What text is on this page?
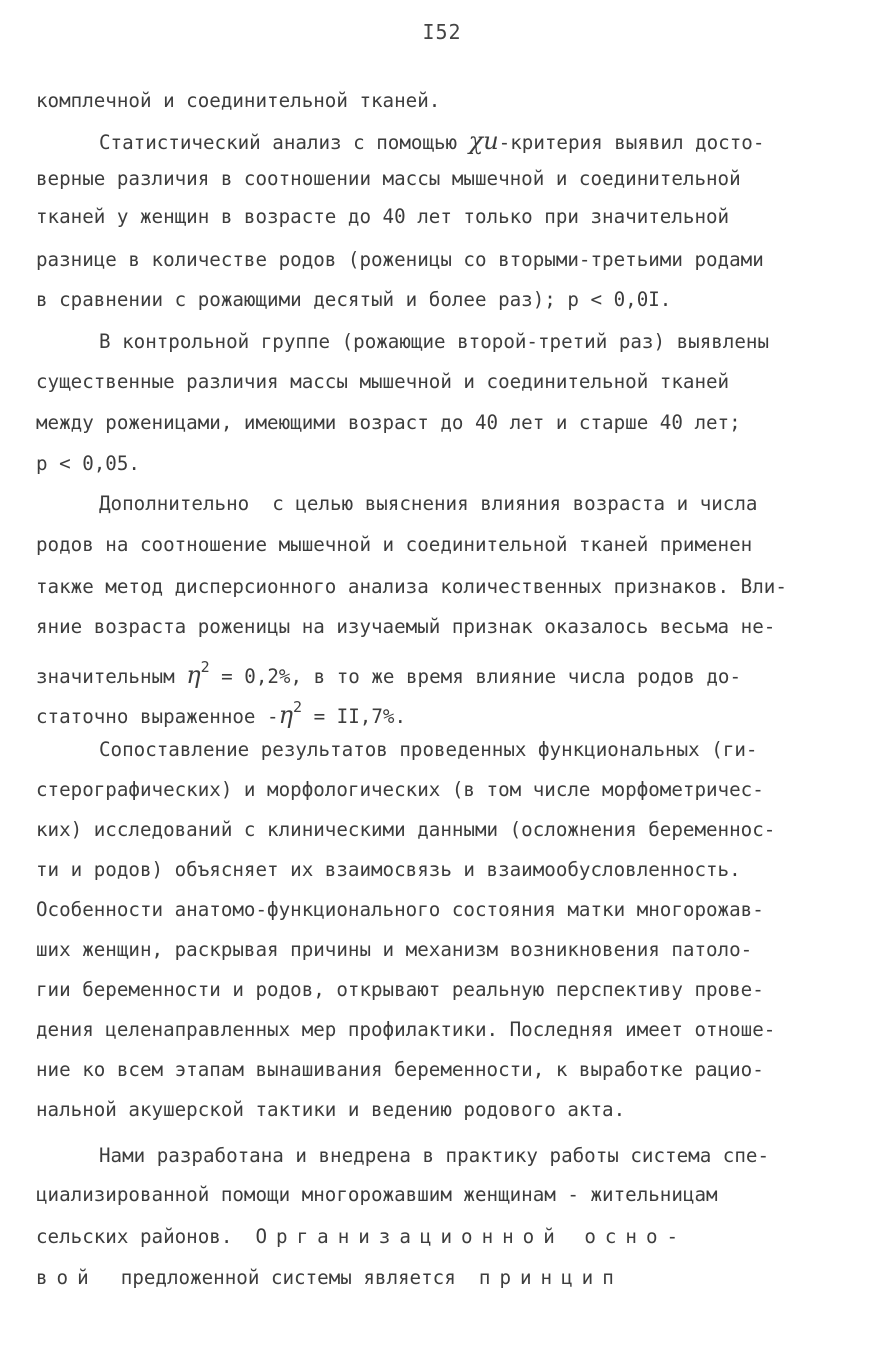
I52
комплечной и соединительной тканей.
Статистический анализ с помощью χи-критерия выявил досто-
верные различия в соотношении массы мышечной и соединительной
тканей у женщин в возрасте до 40 лет только при значительной
разнице в количестве родов (роженицы со вторыми-третьими родами
в сравнении с рожающими десятый и более раз); р < 0,0I.
В контрольной группе (рожающие второй-третий раз) выявлены
существенные различия массы мышечной и соединительной тканей
между роженицами, имеющими возраст до 40 лет и старше 40 лет;
р < 0,05.
Дополнительно  с целью выяснения влияния возраста и числа
родов на соотношение мышечной и соединительной тканей применен
также метод дисперсионного анализа количественных признаков. Вли-
яние возраста роженицы на изучаемый признак оказалось весьма не-
значительным $\eta^2 = 0,2\%$, в то же время влияние числа родов до-
статочно выраженное $-\eta^2 = II,7\%$.
Сопоставление результатов проведенных функциональных (ги-
стерографических) и морфологических (в том числе морфометричес-
ких) исследований с клиническими данными (осложнения беременнос-
ти и родов) объясняет их взаимосвязь и взаимообусловленность.
Особенности анатомо-функционального состояния матки многорожав-
ших женщин, раскрывая причины и механизм возникновения патоло-
гии беременности и родов, открывают реальную перспективу прове-
дения целенаправленных мер профилактики. Последняя имеет отноше-
ние ко всем этапам вынашивания беременности, к выработке рацио-
нальной акушерской тактики и ведению родового акта.
Нами разработана и внедрена в практику работы система спе-
циализированной помощи многорожавшим женщинам - жительницам
сельских районов. Организационной осно-
вой предложенной системы является принцип
